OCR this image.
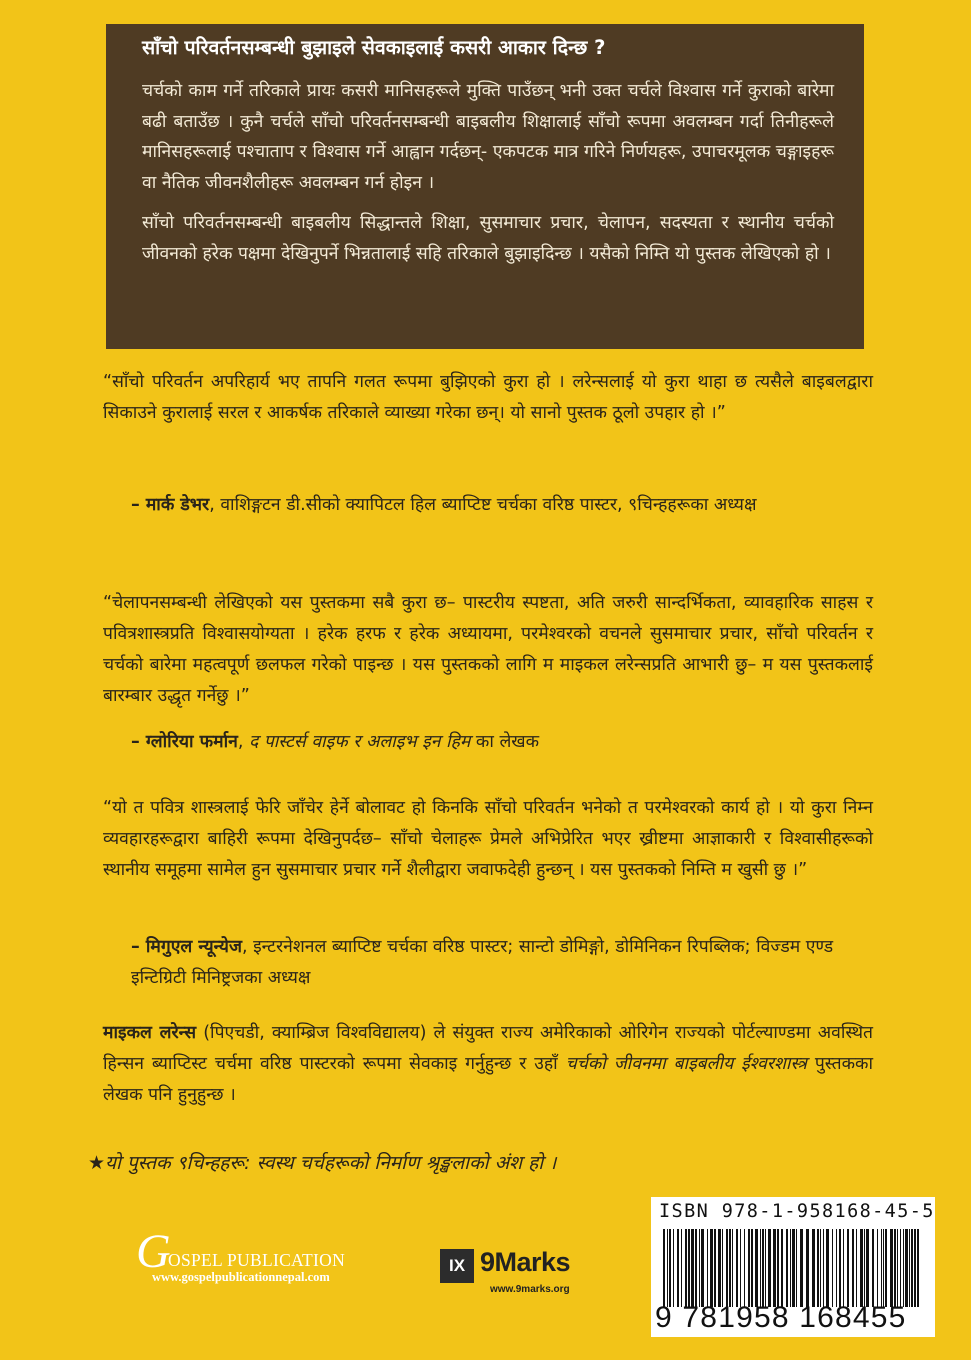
साँचो परिवर्तनसम्बन्धी बुझाइले सेवकाइलाई कसरी आकार दिन्छ ?

चर्चको काम गर्ने तरिकाले प्रायः कसरी मानिसहरूले मुक्ति पाउँछन् भनी उक्त चर्चले विश्वास गर्ने कुराको बारेमा बढी बताउँछ । कुनै चर्चले साँचो परिवर्तनसम्बन्धी बाइबलीय शिक्षालाई साँचो रूपमा अवलम्बन गर्दा तिनीहरूले मानिसहरूलाई पश्चाताप र विश्वास गर्ने आह्वान गर्दछन्- एकपटक मात्र गरिने निर्णयहरू, उपाचरमूलक चङ्गाइहरू वा नैतिक जीवनशैलीहरू अवलम्बन गर्न होइन ।

साँचो परिवर्तनसम्बन्धी बाइबलीय सिद्धान्तले शिक्षा, सुसमाचार प्रचार, चेलापन, सदस्यता र स्थानीय चर्चको जीवनको हरेक पक्षमा देखिनुपर्ने भिन्नतालाई सहि तरिकाले बुझाइदिन्छ । यसैको निम्ति यो पुस्तक लेखिएको हो ।

“साँचो परिवर्तन अपरिहार्य भए तापनि गलत रूपमा बुझिएको कुरा हो । लरेन्सलाई यो कुरा थाहा छ त्यसैले बाइबलद्वारा सिकाउने कुरालाई सरल र आकर्षक तरिकाले व्याख्या गरेका छन्। यो सानो पुस्तक ठूलो उपहार हो ।”

– मार्क डेभर, वाशिङ्गटन डी.सीको क्यापिटल हिल ब्याप्टिष्ट चर्चका वरिष्ठ पास्टर, ९चिन्हहरूका अध्यक्ष

“चेलापनसम्बन्धी लेखिएको यस पुस्तकमा सबै कुरा छ– पास्टरीय स्पष्टता, अति जरुरी सान्दर्भिकता, व्यावहारिक साहस र पवित्रशास्त्रप्रति विश्वासयोग्यता । हरेक हरफ र हरेक अध्यायमा, परमेश्वरको वचनले सुसमाचार प्रचार, साँचो परिवर्तन र चर्चको बारेमा महत्वपूर्ण छलफल गरेको पाइन्छ । यस पुस्तकको लागि म माइकल लरेन्सप्रति आभारी छु– म यस पुस्तकलाई बारम्बार उद्धृत गर्नेछु ।”

– ग्लोरिया फर्मान, द पास्टर्स वाइफ र अलाइभ इन हिम का लेखक

“यो त पवित्र शास्त्रलाई फेरि जाँचेर हेर्ने बोलावट हो किनकि साँचो परिवर्तन भनेको त परमेश्वरको कार्य हो । यो कुरा निम्न व्यवहारहरूद्वारा बाहिरी रूपमा देखिनुपर्दछ– साँचो चेलाहरू प्रेमले अभिप्रेरित भएर ख्रीष्टमा आज्ञाकारी र विश्वासीहरूको स्थानीय समूहमा सामेल हुन सुसमाचार प्रचार गर्ने शैलीद्वारा जवाफदेही हुन्छन् । यस पुस्तकको निम्ति म खुसी छु ।”

– मिगुएल न्यून्येज, इन्टरनेशनल ब्याप्टिष्ट चर्चका वरिष्ठ पास्टर; सान्टो डोमिङ्गो, डोमिनिकन रिपब्लिक; विज्डम एण्ड इन्टिग्रिटी मिनिष्ट्रजका अध्यक्ष

माइकल लरेन्स (पिएचडी, क्याम्ब्रिज विश्वविद्यालय) ले संयुक्त राज्य अमेरिकाको ओरिगेन राज्यको पोर्टल्याण्डमा अवस्थित हिन्सन ब्याप्टिस्ट चर्चमा वरिष्ठ पास्टरको रूपमा सेवकाइ गर्नुहुन्छ र उहाँ चर्चको जीवनमा बाइबलीय ईश्वरशास्त्र पुस्तकका लेखक पनि हुनुहुन्छ ।

★यो पुस्तक ९चिन्हहरू: स्वस्थ चर्चहरूको निर्माण श्रृङ्खलाको अंश हो ।
G
OSPEL PUBLICATION
www.gospelpublicationnepal.com
IX 9Marks
www.9marks.org
ISBN 978-1-958168-45-5
9 781958 168455
